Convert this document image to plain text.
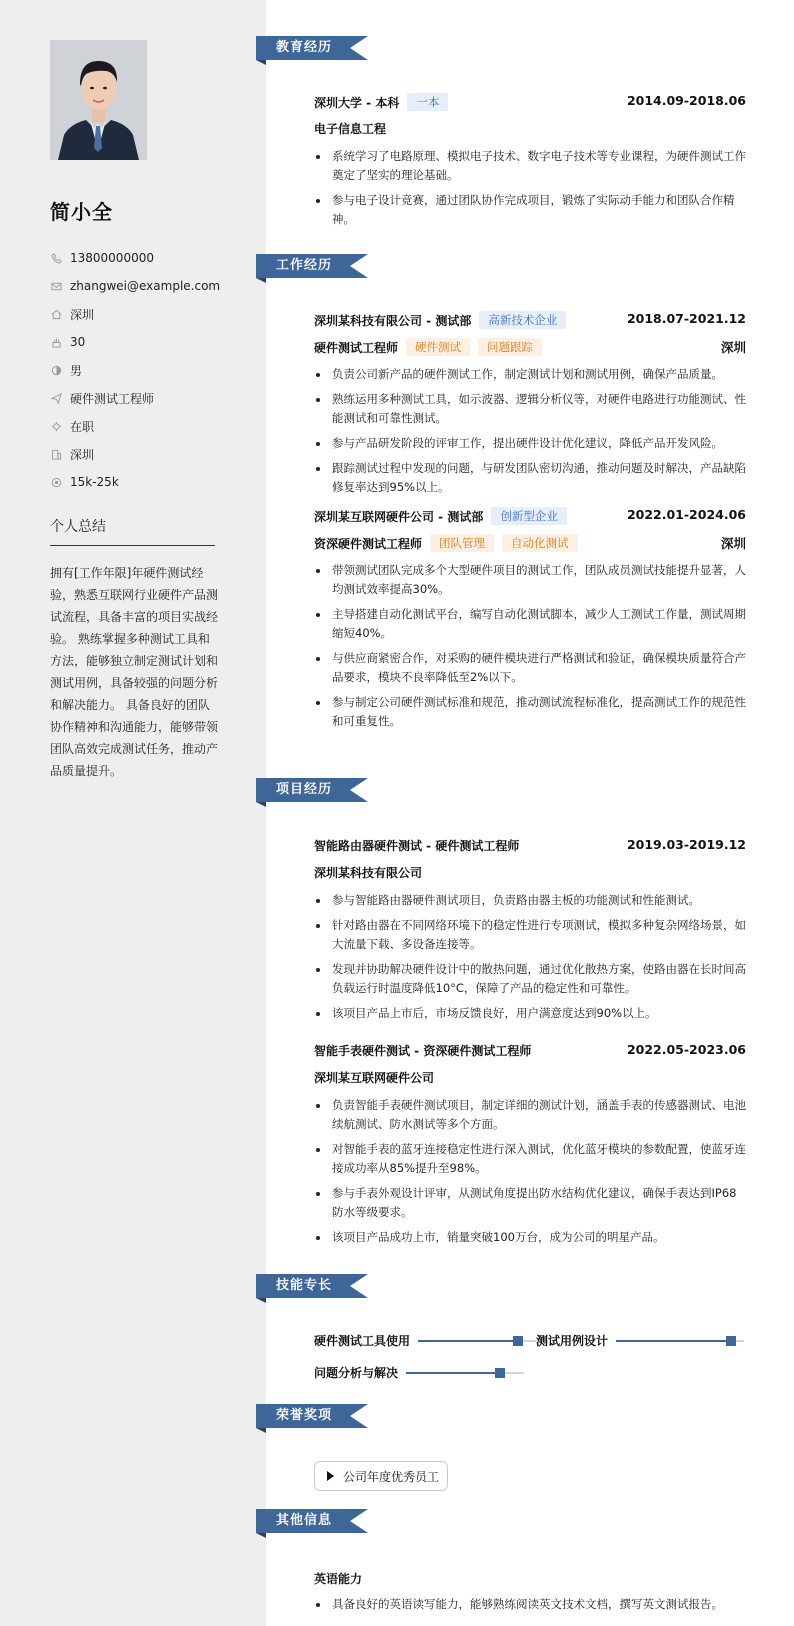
简小全
13800000000
zhangwei@example.com
深圳
30
男
硬件测试工程师
在职
深圳
15k-25k
个人总结
拥有[工作年限]年硬件测试经验，熟悉互联网行业硬件产品测试流程，具备丰富的项目实战经验。 熟练掌握多种测试工具和方法，能够独立制定测试计划和测试用例，具备较强的问题分析和解决能力。 具备良好的团队协作精神和沟通能力，能够带领团队高效完成测试任务，推动产品质量提升。
教育经历
深圳大学 - 本科	一本	2014.09-2018.06
电子信息工程
系统学习了电路原理、模拟电子技术、数字电子技术等专业课程，为硬件测试工作奠定了坚实的理论基础。
参与电子设计竞赛，通过团队协作完成项目，锻炼了实际动手能力和团队合作精神。
工作经历
深圳某科技有限公司 - 测试部	高新技术企业	2018.07-2021.12
硬件测试工程师	硬件测试	问题跟踪	深圳
负责公司新产品的硬件测试工作，制定测试计划和测试用例，确保产品质量。
熟练运用多种测试工具，如示波器、逻辑分析仪等，对硬件电路进行功能测试、性能测试和可靠性测试。
参与产品研发阶段的评审工作，提出硬件设计优化建议，降低产品开发风险。
跟踪测试过程中发现的问题，与研发团队密切沟通，推动问题及时解决，产品缺陷修复率达到95%以上。
深圳某互联网硬件公司 - 测试部	创新型企业	2022.01-2024.06
资深硬件测试工程师	团队管理	自动化测试	深圳
带领测试团队完成多个大型硬件项目的测试工作，团队成员测试技能提升显著，人均测试效率提高30%。
主导搭建自动化测试平台，编写自动化测试脚本，减少人工测试工作量，测试周期缩短40%。
与供应商紧密合作，对采购的硬件模块进行严格测试和验证，确保模块质量符合产品要求，模块不良率降低至2%以下。
参与制定公司硬件测试标准和规范，推动测试流程标准化，提高测试工作的规范性和可重复性。
项目经历
智能路由器硬件测试 - 硬件测试工程师	2019.03-2019.12
深圳某科技有限公司
参与智能路由器硬件测试项目，负责路由器主板的功能测试和性能测试。
针对路由器在不同网络环境下的稳定性进行专项测试，模拟多种复杂网络场景，如大流量下载、多设备连接等。
发现并协助解决硬件设计中的散热问题，通过优化散热方案，使路由器在长时间高负载运行时温度降低10°C，保障了产品的稳定性和可靠性。
该项目产品上市后，市场反馈良好，用户满意度达到90%以上。
智能手表硬件测试 - 资深硬件测试工程师	2022.05-2023.06
深圳某互联网硬件公司
负责智能手表硬件测试项目，制定详细的测试计划，涵盖手表的传感器测试、电池续航测试、防水测试等多个方面。
对智能手表的蓝牙连接稳定性进行深入测试，优化蓝牙模块的参数配置，使蓝牙连接成功率从85%提升至98%。
参与手表外观设计评审，从测试角度提出防水结构优化建议，确保手表达到IP68防水等级要求。
该项目产品成功上市，销量突破100万台，成为公司的明星产品。
技能专长
硬件测试工具使用	测试用例设计
问题分析与解决
荣誉奖项
公司年度优秀员工
其他信息
英语能力
具备良好的英语读写能力，能够熟练阅读英文技术文档，撰写英文测试报告。
